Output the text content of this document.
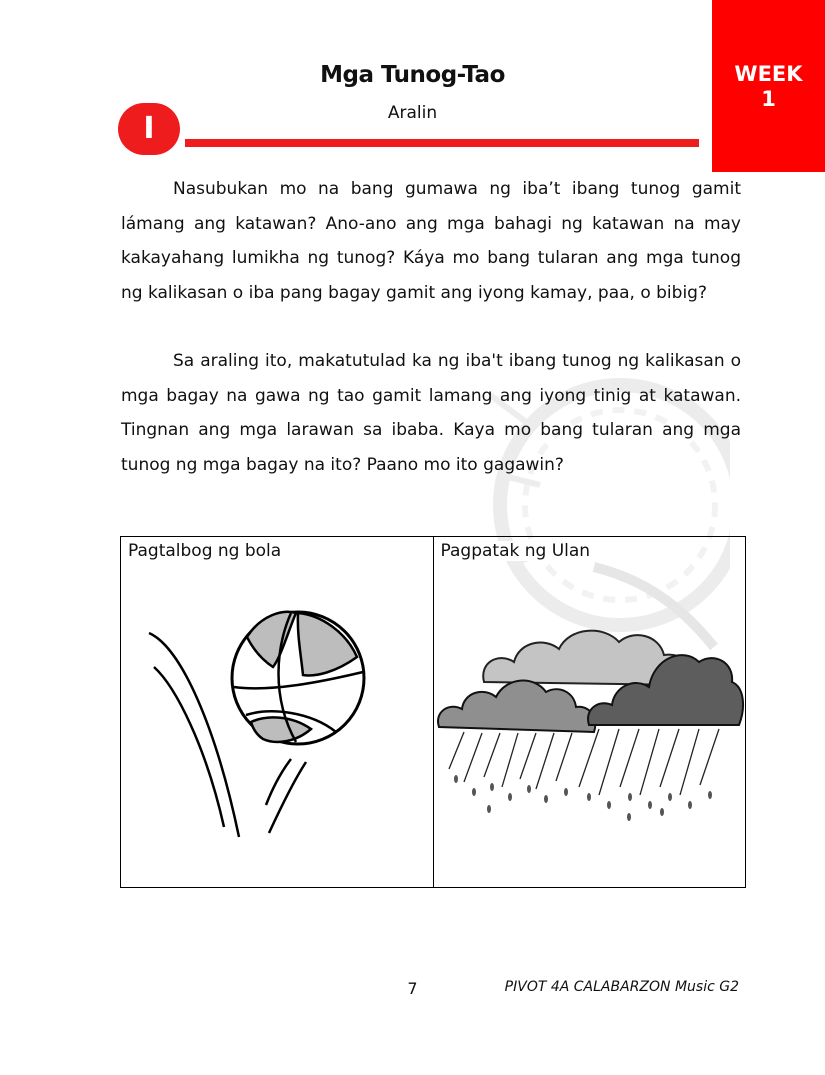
WEEK
1
Mga Tunog-Tao
Aralin
I

Nasubukan mo na bang gumawa ng iba’t ibang tunog gamit lámang ang katawan? Ano-ano ang mga bahagi ng katawan na may kakayahang lumikha ng tunog? Káya mo bang tularan ang mga tunog ng kalikasan o iba pang bagay gamit ang iyong kamay, paa, o bibig?

Sa araling ito, makatutulad ka ng iba't ibang tunog ng kalikasan o mga bagay na gawa ng tao gamit lamang ang iyong tinig at katawan. Tingnan ang mga larawan sa ibaba. Kaya mo bang tularan ang mga tunog ng mga bagay na ito? Paano mo ito gagawin?

Pagtalbog ng bola	Pagpatak ng Ulan
7	PIVOT 4A CALABARZON Music G2
